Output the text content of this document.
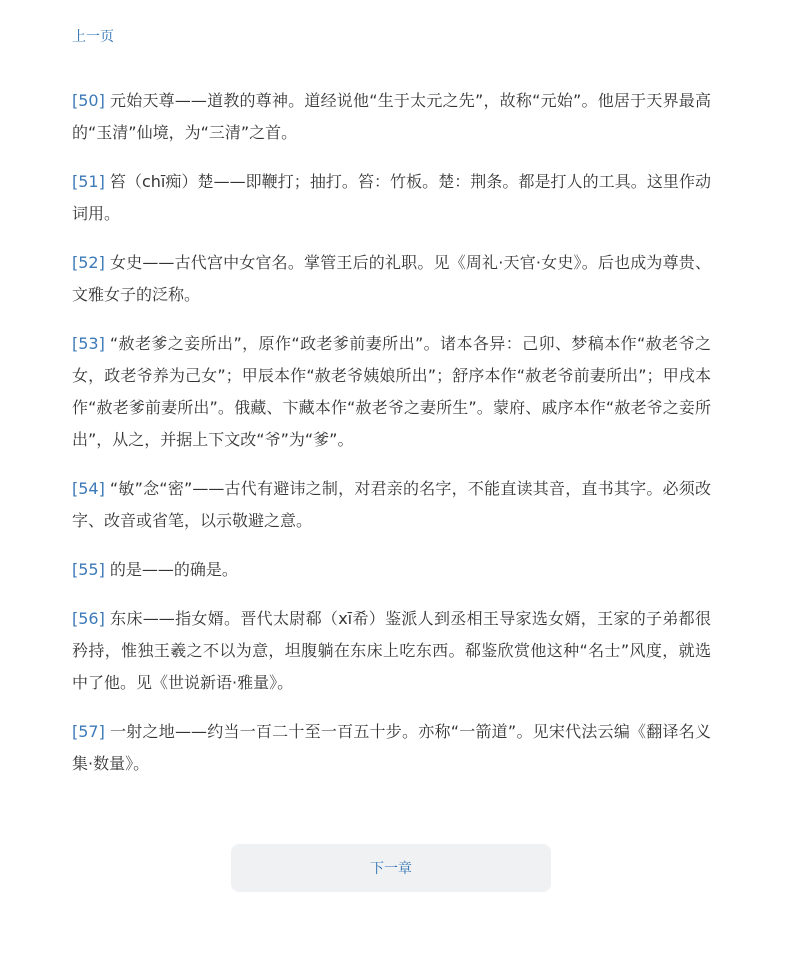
上一页

[50] 元始天尊——道教的尊神。道经说他“生于太元之先”，故称“元始”。他居于天界最高的“玉清”仙境，为“三清”之首。

[51] 笞（chī痴）楚——即鞭打；抽打。笞：竹板。楚：荆条。都是打人的工具。这里作动词用。

[52] 女史——古代宫中女官名。掌管王后的礼职。见《周礼·天官·女史》。后也成为尊贵、文雅女子的泛称。

[53] “赦老爹之妾所出”，原作“政老爹前妻所出”。诸本各异：己卯、梦稿本作“赦老爷之女，政老爷养为己女”；甲辰本作“赦老爷姨娘所出”；舒序本作“赦老爷前妻所出”；甲戌本作“赦老爹前妻所出”。俄藏、卞藏本作“赦老爷之妻所生”。蒙府、戚序本作“赦老爷之妾所出”，从之，并据上下文改“爷”为“爹”。

[54] “敏”念“密”——古代有避讳之制，对君亲的名字，不能直读其音，直书其字。必须改字、改音或省笔，以示敬避之意。

[55] 的是——的确是。

[56] 东床——指女婿。晋代太尉郗（xī希）鉴派人到丞相王导家选女婿，王家的子弟都很矜持，惟独王羲之不以为意，坦腹躺在东床上吃东西。郗鉴欣赏他这种“名士”风度，就选中了他。见《世说新语·雅量》。

[57] 一射之地——约当一百二十至一百五十步。亦称“一箭道”。见宋代法云编《翻译名义集·数量》。

下一章
